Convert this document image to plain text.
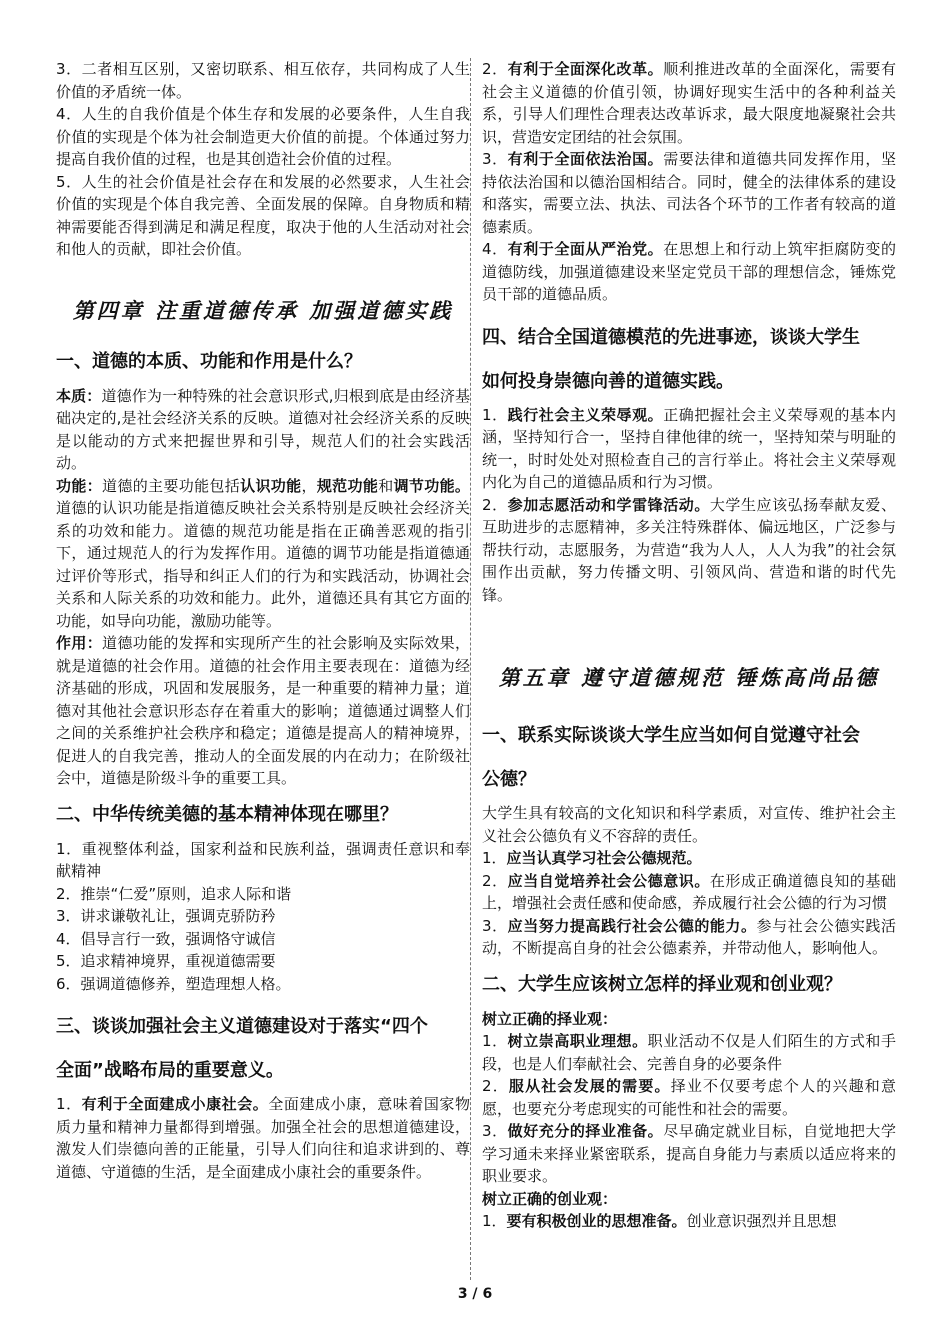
3．二者相互区别，又密切联系、相互依存，共同构成了人生价值的矛盾统一体。

4．人生的自我价值是个体生存和发展的必要条件，人生自我价值的实现是个体为社会制造更大价值的前提。个体通过努力提高自我价值的过程，也是其创造社会价值的过程。

5．人生的社会价值是社会存在和发展的必然要求，人生社会价值的实现是个体自我完善、全面发展的保障。自身物质和精神需要能否得到满足和满足程度，取决于他的人生活动对社会和他人的贡献，即社会价值。

第四章 注重道德传承 加强道德实践

一、道德的本质、功能和作用是什么？

本质：道德作为一种特殊的社会意识形式,归根到底是由经济基础决定的,是社会经济关系的反映。道德对社会经济关系的反映是以能动的方式来把握世界和引导，规范人们的社会实践活动。

功能：道德的主要功能包括认识功能，规范功能和调节功能。道德的认识功能是指道德反映社会关系特别是反映社会经济关系的功效和能力。道德的规范功能是指在正确善恶观的指引下，通过规范人的行为发挥作用。道德的调节功能是指道德通过评价等形式，指导和纠正人们的行为和实践活动，协调社会关系和人际关系的功效和能力。此外，道德还具有其它方面的功能，如导向功能，激励功能等。

作用：道德功能的发挥和实现所产生的社会影响及实际效果，就是道德的社会作用。道德的社会作用主要表现在：道德为经济基础的形成，巩固和发展服务，是一种重要的精神力量；道德对其他社会意识形态存在着重大的影响；道德通过调整人们之间的关系维护社会秩序和稳定；道德是提高人的精神境界，促进人的自我完善，推动人的全面发展的内在动力；在阶级社会中，道德是阶级斗争的重要工具。

二、中华传统美德的基本精神体现在哪里？

1．重视整体利益，国家利益和民族利益，强调责任意识和奉献精神

2．推崇“仁爱”原则，追求人际和谐

3．讲求谦敬礼让，强调克骄防矜

4．倡导言行一致，强调恪守诚信

5．追求精神境界，重视道德需要

6．强调道德修养，塑造理想人格。

三、谈谈加强社会主义道德建设对于落实“四个

全面”战略布局的重要意义。

1．有利于全面建成小康社会。全面建成小康，意味着国家物质力量和精神力量都得到增强。加强全社会的思想道德建设，激发人们崇德向善的正能量，引导人们向往和追求讲到的、尊道德、守道德的生活，是全面建成小康社会的重要条件。

2．有利于全面深化改革。顺利推进改革的全面深化，需要有社会主义道德的价值引领，协调好现实生活中的各种利益关系，引导人们理性合理表达改革诉求，最大限度地凝聚社会共识，营造安定团结的社会氛围。

3．有利于全面依法治国。需要法律和道德共同发挥作用，坚持依法治国和以德治国相结合。同时，健全的法律体系的建设和落实，需要立法、执法、司法各个环节的工作者有较高的道德素质。

4．有利于全面从严治党。在思想上和行动上筑牢拒腐防变的道德防线，加强道德建设来坚定党员干部的理想信念，锤炼党员干部的道德品质。

四、结合全国道德模范的先进事迹，谈谈大学生

如何投身崇德向善的道德实践。

1．践行社会主义荣辱观。正确把握社会主义荣辱观的基本内涵，坚持知行合一，坚持自律他律的统一，坚持知荣与明耻的统一，时时处处对照检查自己的言行举止。将社会主义荣辱观内化为自己的道德品质和行为习惯。

2．参加志愿活动和学雷锋活动。大学生应该弘扬奉献友爱、互助进步的志愿精神，多关注特殊群体、偏远地区，广泛参与帮扶行动，志愿服务，为营造“我为人人，人人为我”的社会氛围作出贡献，努力传播文明、引领风尚、营造和谐的时代先锋。

第五章 遵守道德规范 锤炼高尚品德

一、联系实际谈谈大学生应当如何自觉遵守社会

公德？

大学生具有较高的文化知识和科学素质，对宣传、维护社会主义社会公德负有义不容辞的责任。

1．应当认真学习社会公德规范。

2．应当自觉培养社会公德意识。在形成正确道德良知的基础上，增强社会责任感和使命感，养成履行社会公德的行为习惯

3．应当努力提高践行社会公德的能力。参与社会公德实践活动，不断提高自身的社会公德素养，并带动他人，影响他人。

二、大学生应该树立怎样的择业观和创业观？

树立正确的择业观：

1．树立崇高职业理想。职业活动不仅是人们陌生的方式和手段，也是人们奉献社会、完善自身的必要条件

2．服从社会发展的需要。择业不仅要考虑个人的兴趣和意愿，也要充分考虑现实的可能性和社会的需要。

3．做好充分的择业准备。尽早确定就业目标，自觉地把大学学习通未来择业紧密联系，提高自身能力与素质以适应将来的职业要求。

树立正确的创业观：

1．要有积极创业的思想准备。创业意识强烈并且思想

3 / 6
